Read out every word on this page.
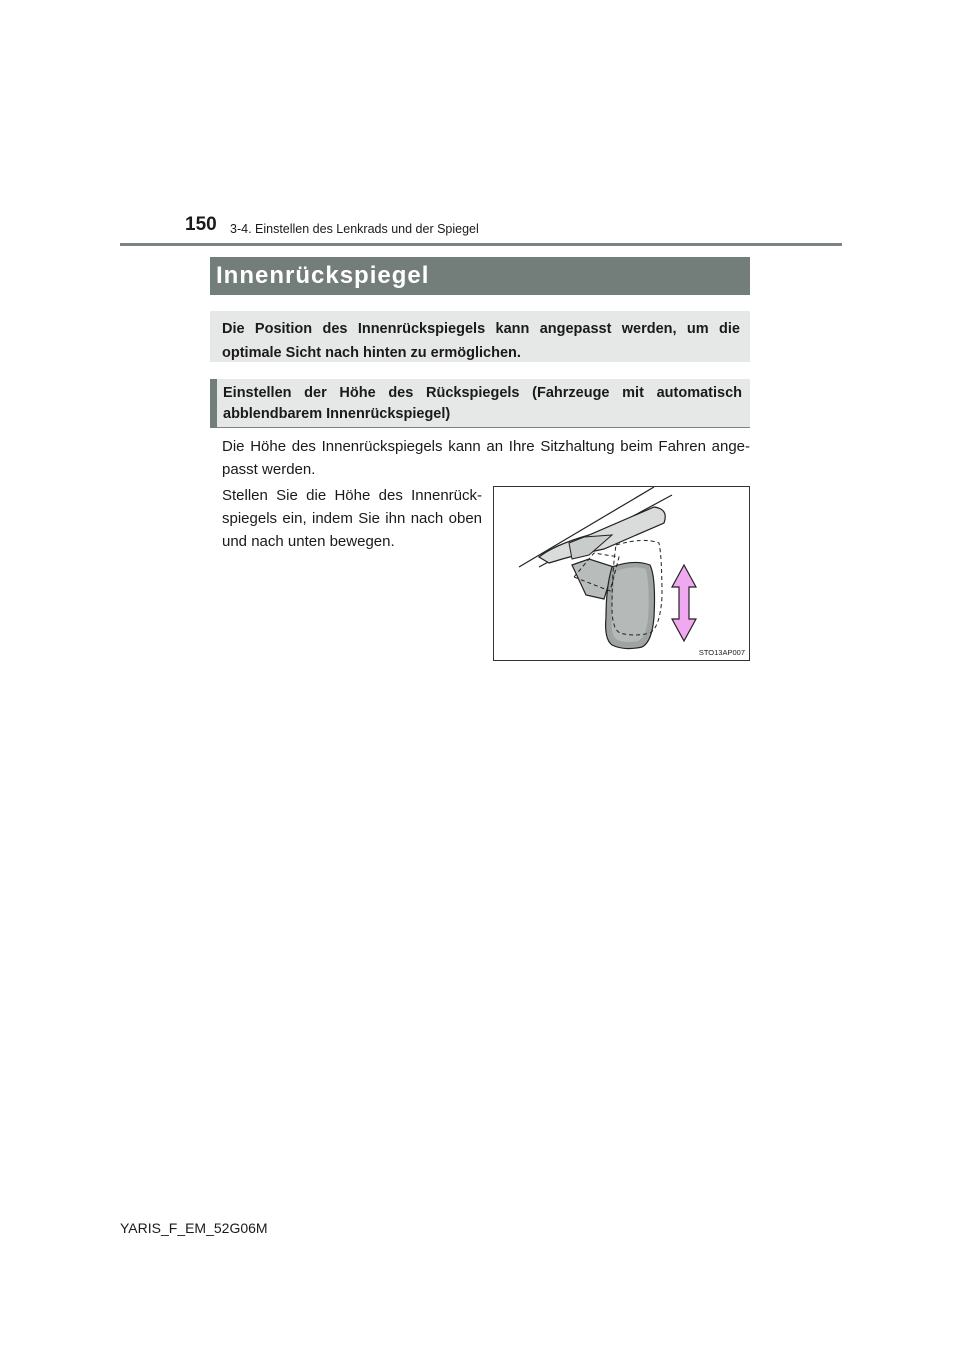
150 3-4. Einstellen des Lenkrads und der Spiegel
Innenrückspiegel
Die Position des Innenrückspiegels kann angepasst werden, um die optimale Sicht nach hinten zu ermöglichen.
Einstellen der Höhe des Rückspiegels (Fahrzeuge mit automatisch abblendbarem Innenrückspiegel)
Die Höhe des Innenrückspiegels kann an Ihre Sitzhaltung beim Fahren ange- passt werden.
Stellen Sie die Höhe des Innenrück- spiegels ein, indem Sie ihn nach oben und nach unten bewegen.
STO13AP007
YARIS_F_EM_52G06M
